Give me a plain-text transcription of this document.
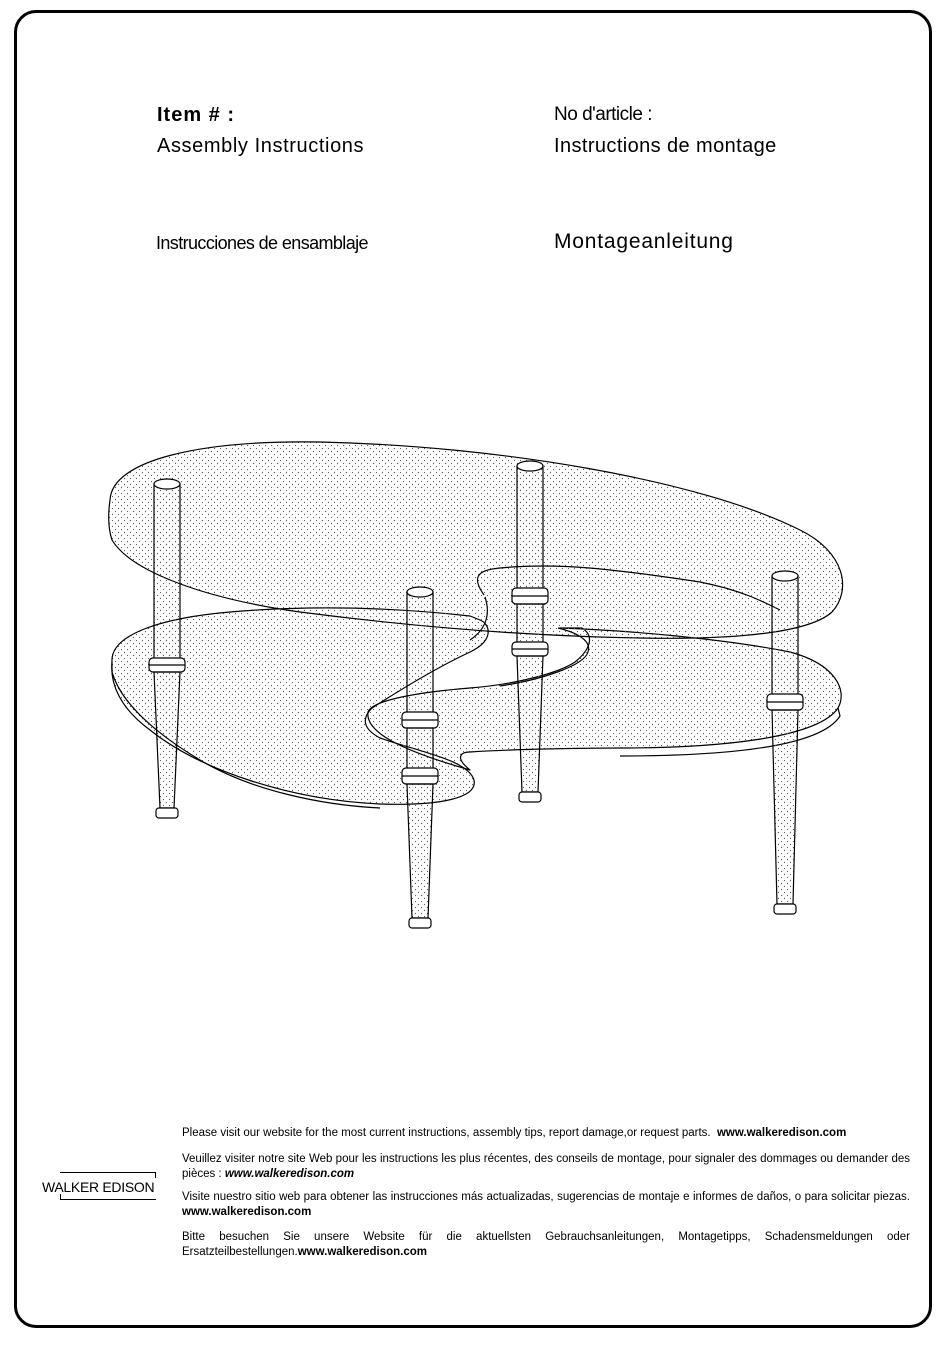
Item # :
Assembly Instructions
No d'article :
Instructions de montage
Instrucciones de ensamblaje	Montageanleitung
WALKER EDISON
Please visit our website for the most current instructions, assembly tips, report damage,or request parts. www.walkeredison.com
Veuillez visiter notre site Web pour les instructions les plus récentes, des conseils de montage, pour signaler des dommages ou demander des pièces : www.walkeredison.com
Visite nuestro sitio web para obtener las instrucciones más actualizadas, sugerencias de montaje e informes de daños, o para solicitar piezas. www.walkeredison.com
Bitte besuchen Sie unsere Website für die aktuellsten Gebrauchsanleitungen, Montagetipps, Schadensmeldungen oder Ersatzteilbestellungen.www.walkeredison.com
